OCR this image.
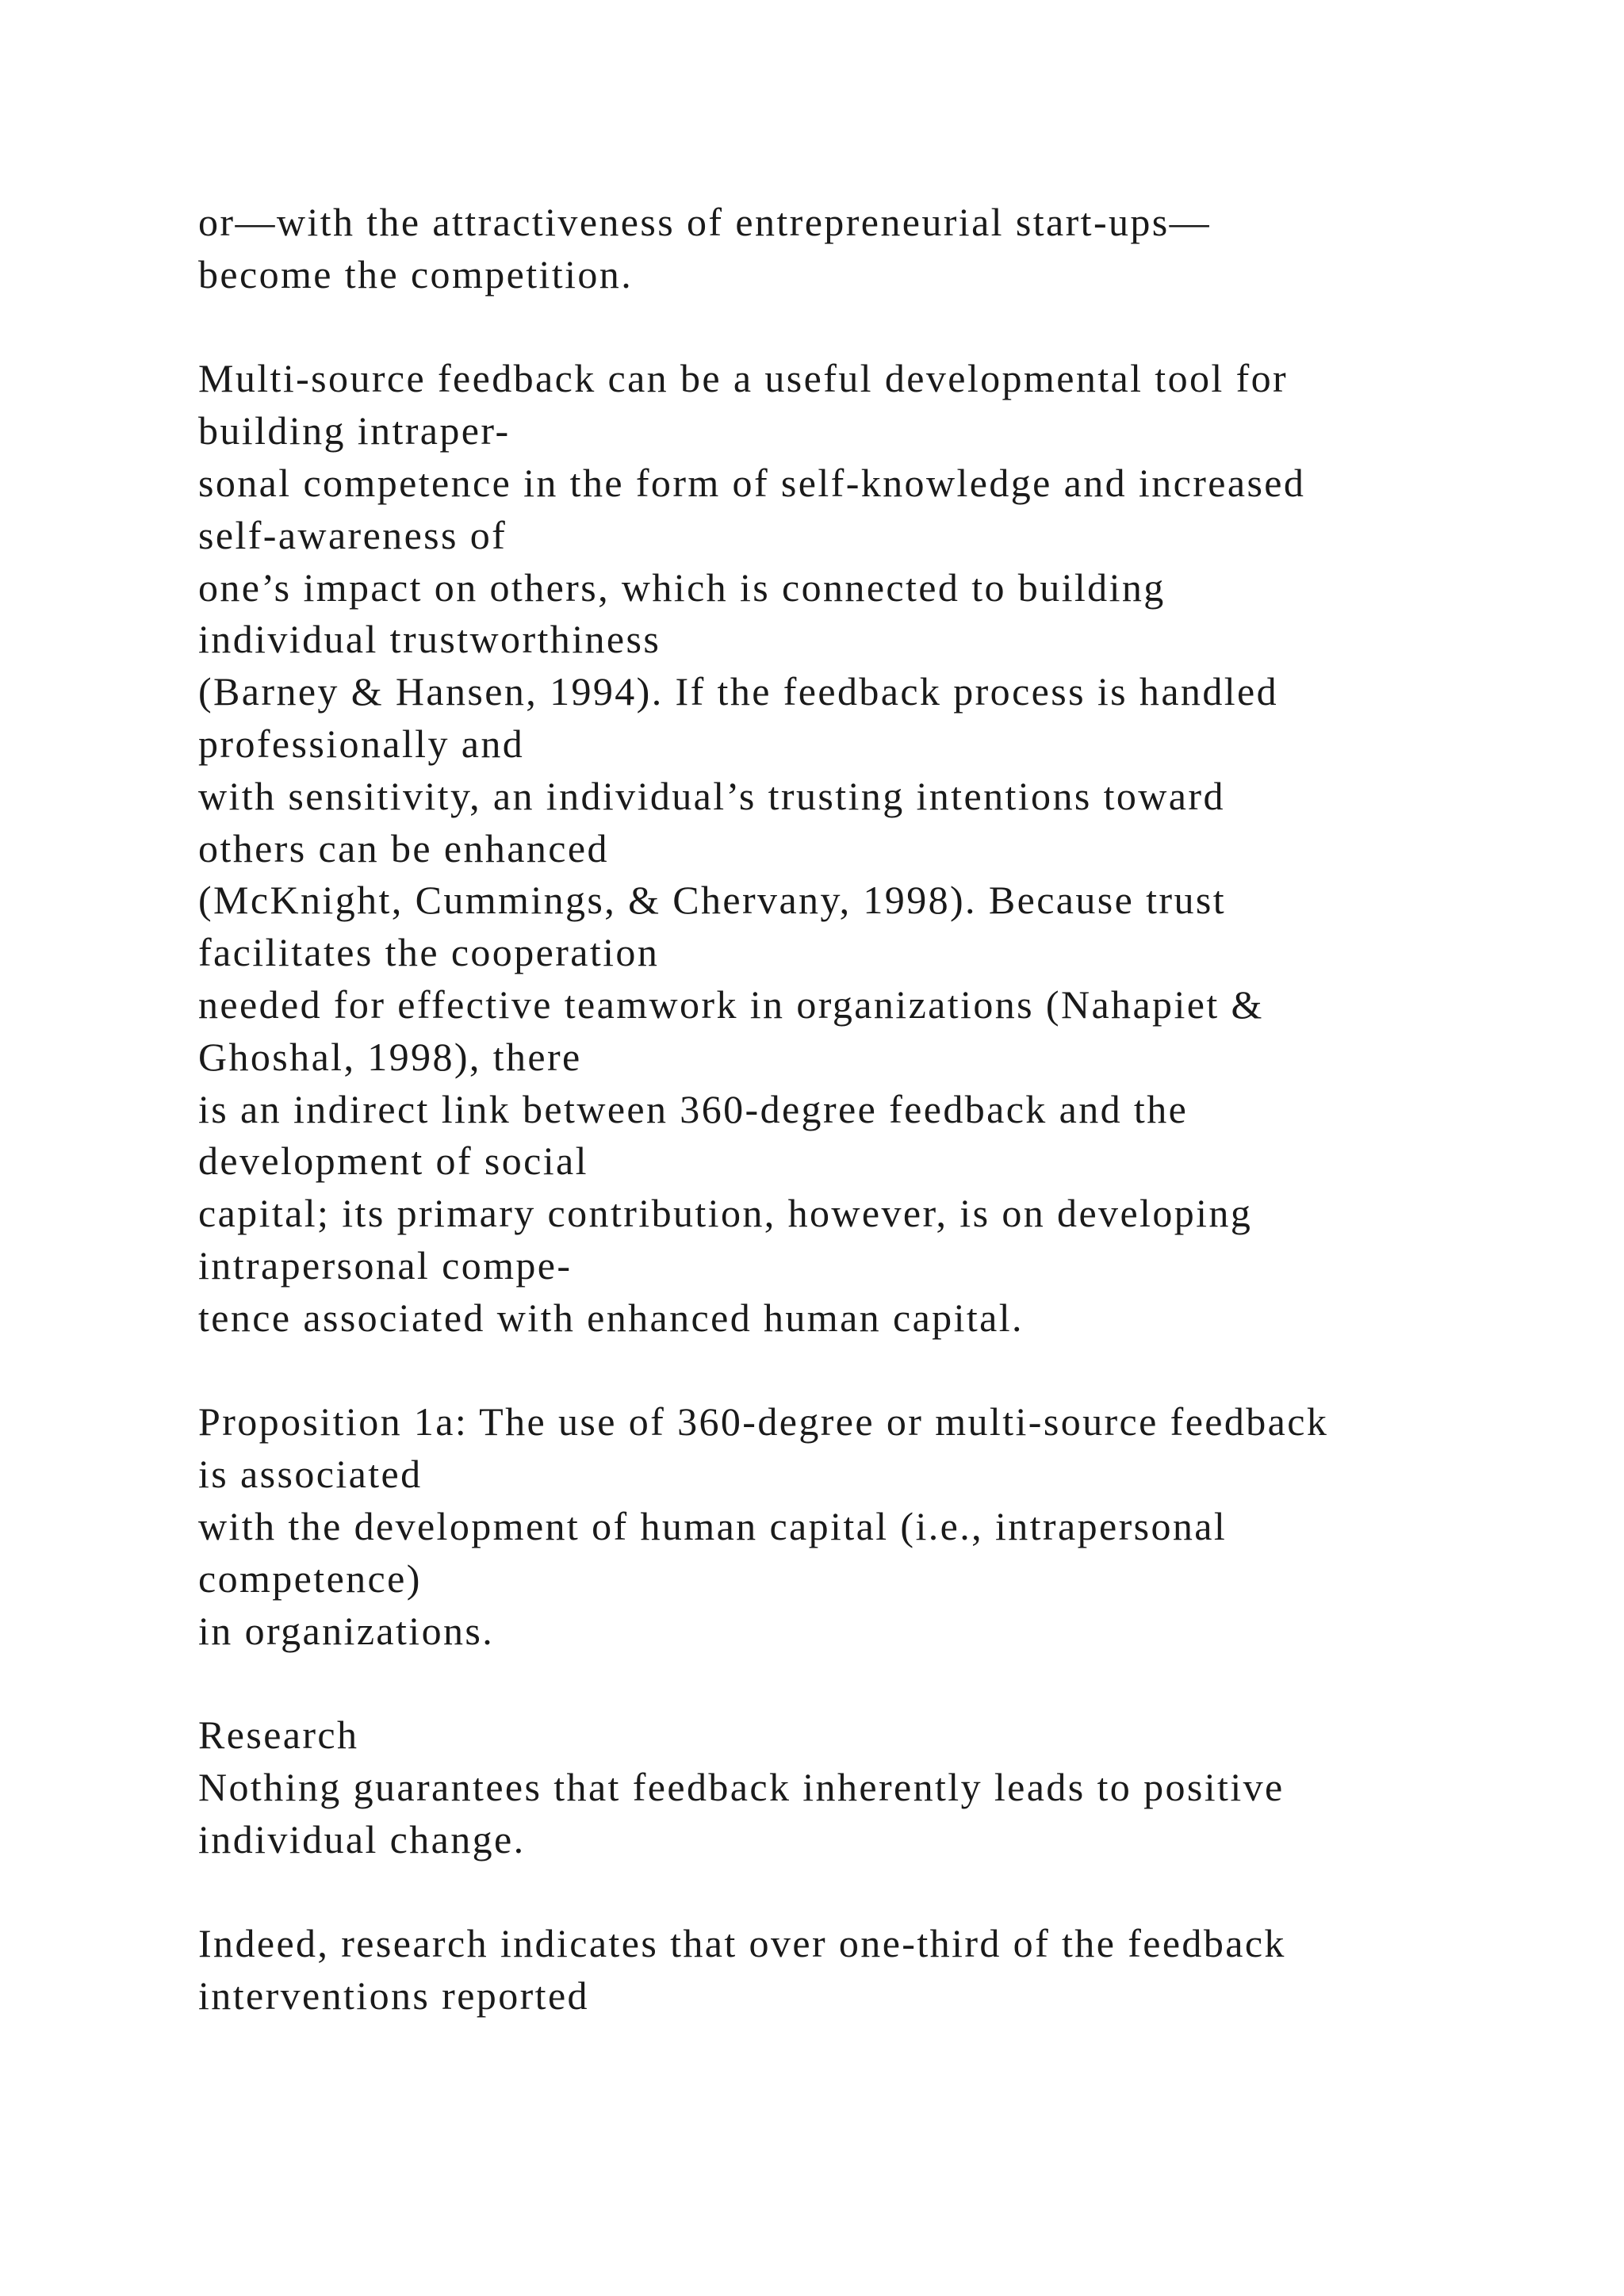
or—with the attractiveness of entrepreneurial start-ups—
become the competition.
Multi-source feedback can be a useful developmental tool for
building intraper-
sonal competence in the form of self-knowledge and increased
self-awareness of
one’s impact on others, which is connected to building
individual trustworthiness
(Barney & Hansen, 1994). If the feedback process is handled
professionally and
with sensitivity, an individual’s trusting intentions toward
others can be enhanced
(McKnight, Cummings, & Chervany, 1998). Because trust
facilitates the cooperation
needed for effective teamwork in organizations (Nahapiet &
Ghoshal, 1998), there
is an indirect link between 360-degree feedback and the
development of social
capital; its primary contribution, however, is on developing
intrapersonal compe-
tence associated with enhanced human capital.
Proposition 1a: The use of 360-degree or multi-source feedback
is associated
with the development of human capital (i.e., intrapersonal
competence)
in organizations.
Research
Nothing guarantees that feedback inherently leads to positive
individual change.
Indeed, research indicates that over one-third of the feedback
interventions reported
